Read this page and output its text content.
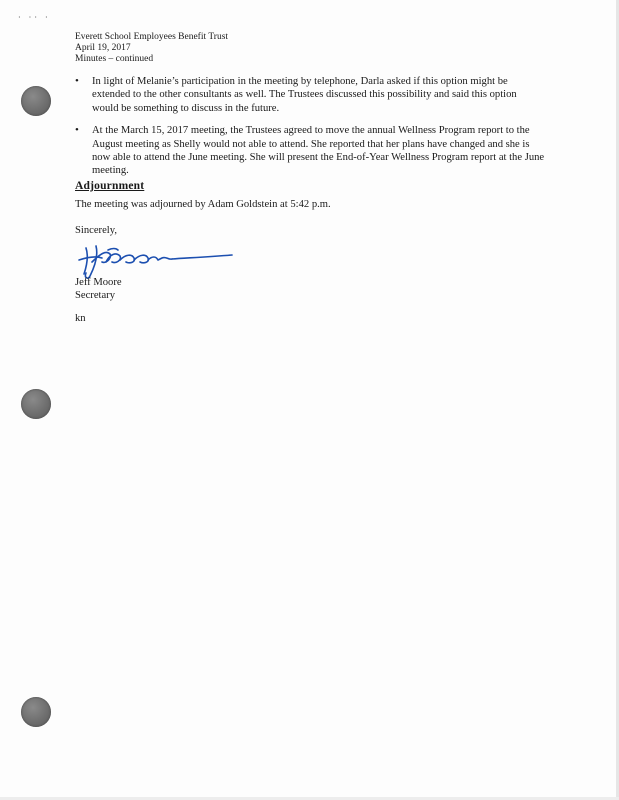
· ·· ·
Everett School Employees Benefit Trust
April 19, 2017
Minutes – continued
• In light of Melanie’s participation in the meeting by telephone, Darla asked if this option might be extended to the other consultants as well. The Trustees discussed this possibility and said this option would be something to discuss in the future.
• At the March 15, 2017 meeting, the Trustees agreed to move the annual Wellness Program report to the August meeting as Shelly would not able to attend. She reported that her plans have changed and she is now able to attend the June meeting. She will present the End-of-Year Wellness Program report at the June meeting.
Adjournment
The meeting was adjourned by Adam Goldstein at 5:42 p.m.
Sincerely,
Jeff Moore
Secretary
kn
